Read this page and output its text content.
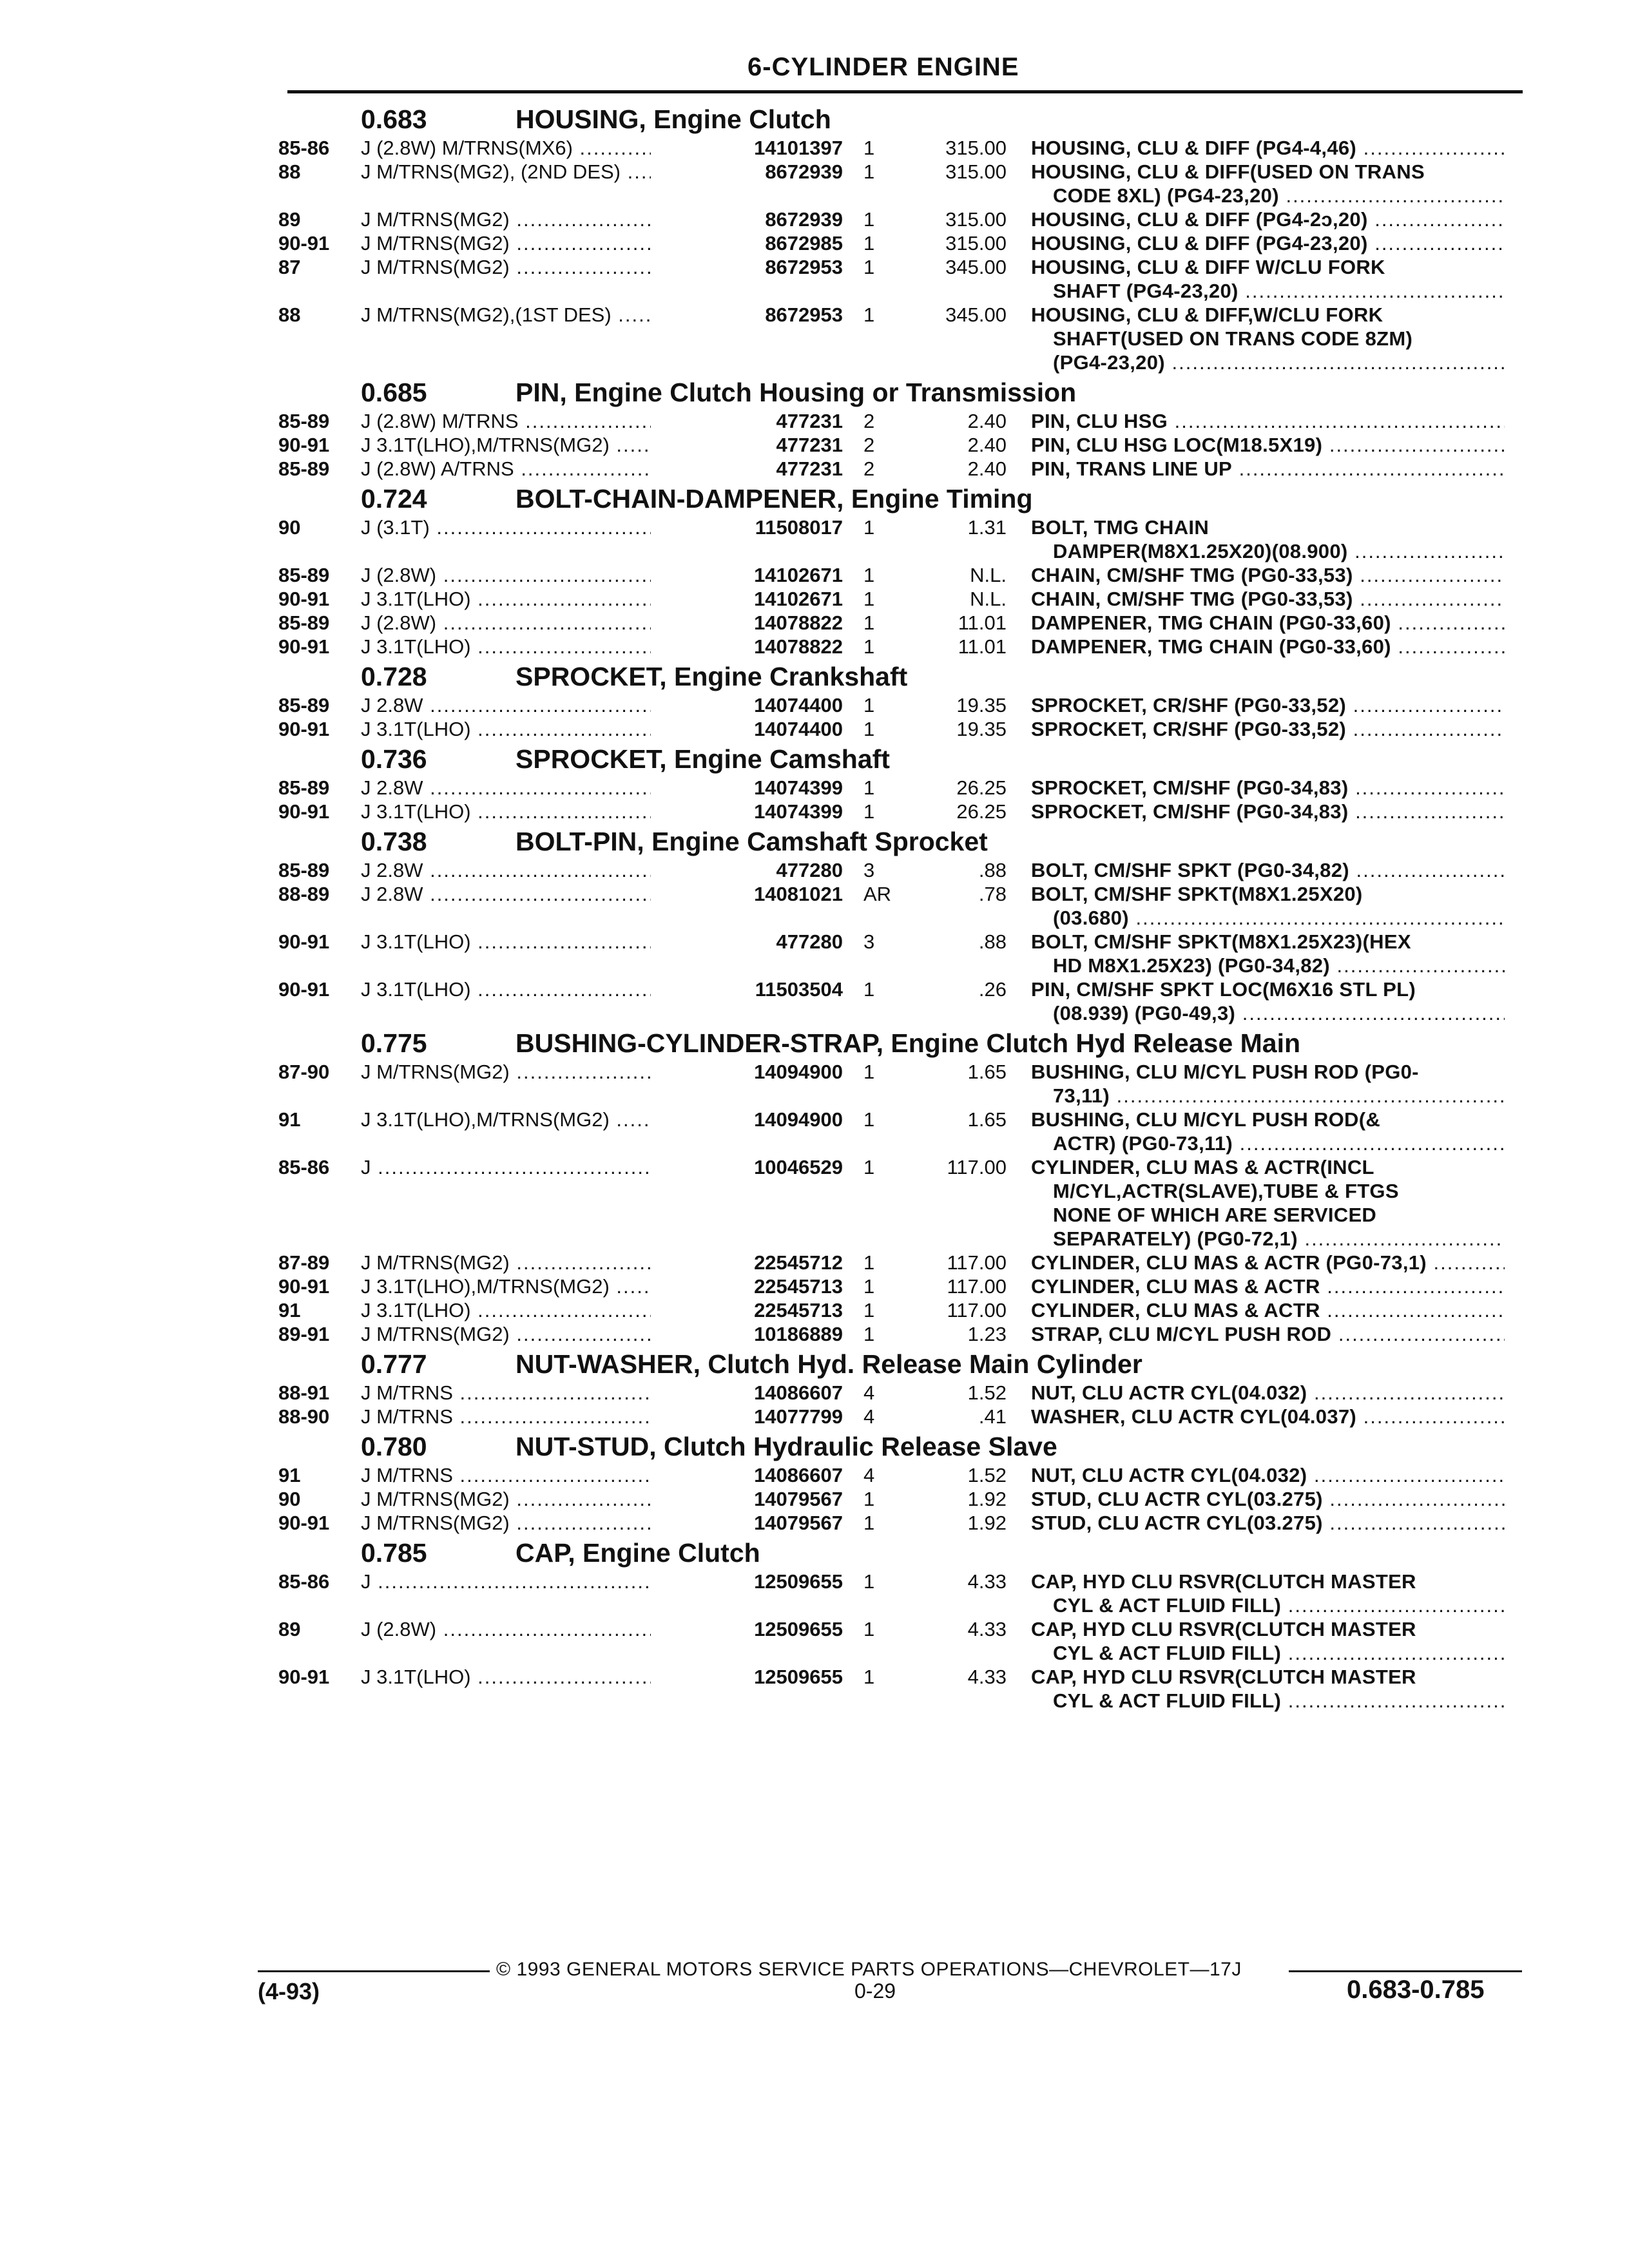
6-CYLINDER ENGINE
0.683	HOUSING, Engine Clutch
85-86 J (2.8W) M/TRNS(MX6) .....	14101397 1	315.00 HOUSING, CLU & DIFF (PG4-4,46) .....
88	J M/TRNS(MG2), (2ND DES) .....	8672939 1	315.00 HOUSING, CLU & DIFF(USED ON TRANS
CODE 8XL) (PG4-23,20) .....
89	J M/TRNS(MG2) .....	8672939 1	315.00 HOUSING, CLU & DIFF (PG4-2ɔ,20) .....
90-91 J M/TRNS(MG2) .....	8672985 1	315.00 HOUSING, CLU & DIFF (PG4-23,20) .....
87	J M/TRNS(MG2) .....	8672953 1	345.00 HOUSING, CLU & DIFF W/CLU FORK
SHAFT (PG4-23,20) .....
88	J M/TRNS(MG2),(1ST DES) .....	8672953 1	345.00 HOUSING, CLU & DIFF,W/CLU FORK
SHAFT(USED ON TRANS CODE 8ZM)
(PG4-23,20) .....
0.685	PIN, Engine Clutch Housing or Transmission
85-89 J (2.8W) M/TRNS .....	477231 2	2.40 PIN, CLU HSG .....
90-91 J 3.1T(LHO),M/TRNS(MG2) .....	477231 2	2.40 PIN, CLU HSG LOC(M18.5X19) .....
85-89 J (2.8W) A/TRNS .....	477231 2	2.40 PIN, TRANS LINE UP .....
0.724	BOLT-CHAIN-DAMPENER, Engine Timing
90	J (3.1T) .....	11508017 1	1.31 BOLT, TMG CHAIN
DAMPER(M8X1.25X20)(08.900) .....
85-89 J (2.8W) .....	14102671 1	N.L. CHAIN, CM/SHF TMG (PG0-33,53) .....
90-91 J 3.1T(LHO) .....	14102671 1	N.L. CHAIN, CM/SHF TMG (PG0-33,53) .....
85-89 J (2.8W) .....	14078822 1	11.01 DAMPENER, TMG CHAIN (PG0-33,60) .....
90-91 J 3.1T(LHO) .....	14078822 1	11.01 DAMPENER, TMG CHAIN (PG0-33,60) .....
0.728	SPROCKET, Engine Crankshaft
85-89 J 2.8W .....	14074400 1	19.35 SPROCKET, CR/SHF (PG0-33,52) .....
90-91 J 3.1T(LHO) .....	14074400 1	19.35 SPROCKET, CR/SHF (PG0-33,52) .....
0.736	SPROCKET, Engine Camshaft
85-89 J 2.8W .....	14074399 1	26.25 SPROCKET, CM/SHF (PG0-34,83) .....
90-91 J 3.1T(LHO) .....	14074399 1	26.25 SPROCKET, CM/SHF (PG0-34,83) .....
0.738	BOLT-PIN, Engine Camshaft Sprocket
85-89 J 2.8W .....	477280 3	.88 BOLT, CM/SHF SPKT (PG0-34,82) .....
88-89 J 2.8W .....	14081021 AR	.78 BOLT, CM/SHF SPKT(M8X1.25X20)
(03.680) .....
90-91 J 3.1T(LHO) .....	477280 3	.88 BOLT, CM/SHF SPKT(M8X1.25X23)(HEX
HD M8X1.25X23) (PG0-34,82) .....
90-91 J 3.1T(LHO) .....	11503504 1	.26 PIN, CM/SHF SPKT LOC(M6X16 STL PL)
(08.939) (PG0-49,3) .....
0.775	BUSHING-CYLINDER-STRAP, Engine Clutch Hyd Release Main
87-90 J M/TRNS(MG2) .....	14094900 1	1.65 BUSHING, CLU M/CYL PUSH ROD (PG0-
73,11) .....
91	J 3.1T(LHO),M/TRNS(MG2) .....	14094900 1	1.65 BUSHING, CLU M/CYL PUSH ROD(&
ACTR) (PG0-73,11) .....
85-86 J .....	10046529 1	117.00 CYLINDER, CLU MAS & ACTR(INCL
M/CYL,ACTR(SLAVE),TUBE & FTGS
NONE OF WHICH ARE SERVICED
SEPARATELY) (PG0-72,1) .....
87-89 J M/TRNS(MG2) .....	22545712 1	117.00 CYLINDER, CLU MAS & ACTR (PG0-73,1) .....
90-91 J 3.1T(LHO),M/TRNS(MG2) .....	22545713 1	117.00 CYLINDER, CLU MAS & ACTR .....
91	J 3.1T(LHO) .....	22545713 1	117.00 CYLINDER, CLU MAS & ACTR .....
89-91 J M/TRNS(MG2) .....	10186889 1	1.23 STRAP, CLU M/CYL PUSH ROD .....
0.777	NUT-WASHER, Clutch Hyd. Release Main Cylinder
88-91 J M/TRNS .....	14086607 4	1.52 NUT, CLU ACTR CYL(04.032) .....
88-90 J M/TRNS .....	14077799 4	.41 WASHER, CLU ACTR CYL(04.037) .....
0.780	NUT-STUD, Clutch Hydraulic Release Slave
91	J M/TRNS .....	14086607 4	1.52 NUT, CLU ACTR CYL(04.032) .....
90	J M/TRNS(MG2) .....	14079567 1	1.92 STUD, CLU ACTR CYL(03.275) .....
90-91 J M/TRNS(MG2) .....	14079567 1	1.92 STUD, CLU ACTR CYL(03.275) .....
0.785	CAP, Engine Clutch
85-86 J .....	12509655 1	4.33 CAP, HYD CLU RSVR(CLUTCH MASTER
CYL & ACT FLUID FILL) .....
89	J (2.8W) .....	12509655 1	4.33 CAP, HYD CLU RSVR(CLUTCH MASTER
CYL & ACT FLUID FILL) .....
90-91 J 3.1T(LHO) .....	12509655 1	4.33 CAP, HYD CLU RSVR(CLUTCH MASTER
CYL & ACT FLUID FILL) .....
© 1993 GENERAL MOTORS SERVICE PARTS OPERATIONS—CHEVROLET—17J
(4-93)	0-29	0.683-0.785
